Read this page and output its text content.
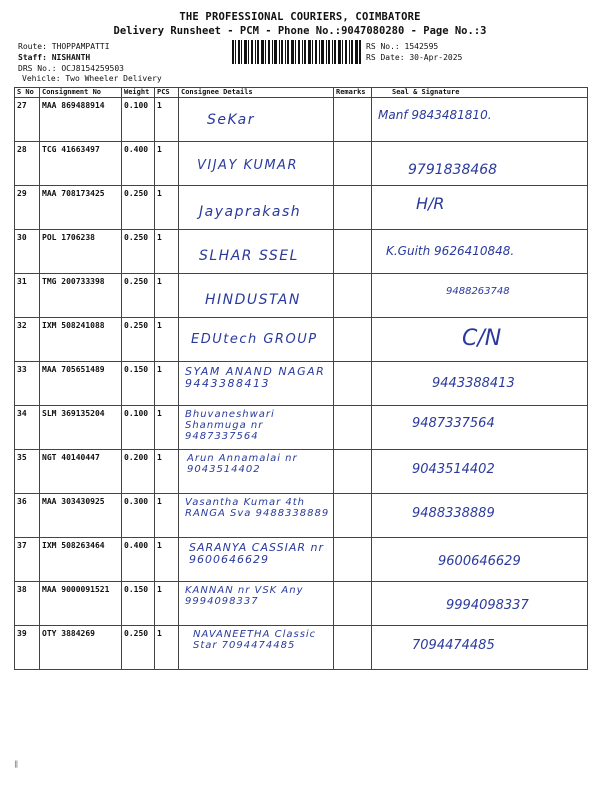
THE PROFESSIONAL COURIERS, COIMBATORE
Delivery Runsheet - PCM - Phone No.:9047080280 - Page No.:3
Route: THOPPAMPATTI
Staff: NISHANTH
DRS No.: OCJ8154259503
Vehicle: Two Wheeler Delivery
RS No.: 1542595
RS Date: 30-Apr-2025
S No	Consignment No	Weight	PCS	Consignee Details	Remarks	Seal & Signature
27	MAA 869488914	0.100	1	SeKar		Manf 9843481810.

28	TCG 41663497	0.400	1	VIJAY KUMAR		9791838468

29	MAA 708173425	0.250	1	Jayaprakash		H/R

30	POL 1706238	0.250	1	SLHAR SSEL		K.Guith 9626410848.

31	TMG 200733398	0.250	1	HINDUSTAN		9488263748

32	IXM 508241088	0.250	1	EDUtech GROUP		C/N

33	MAA 705651489	0.150	1	SYAM ANAND NAGAR 9443388413		9443388413

34	SLM 369135204	0.100	1	Bhuvaneshwari Shanmuga nr 9487337564		9487337564

35	NGT 40140447	0.200	1	Arun Annamalai nr 9043514402		9043514402

36	MAA 303430925	0.300	1	Vasantha Kumar 4th RANGA Sva 9488338889		9488338889

37	IXM 508263464	0.400	1	SARANYA CASSIAR nr 9600646629		9600646629

38	MAA 9000091521	0.150	1	KANNAN nr VSK Any 9994098337		9994098337

39	OTY 3884269	0.250	1	NAVANEETHA Classic Star 7094474485		7094474485
‖
